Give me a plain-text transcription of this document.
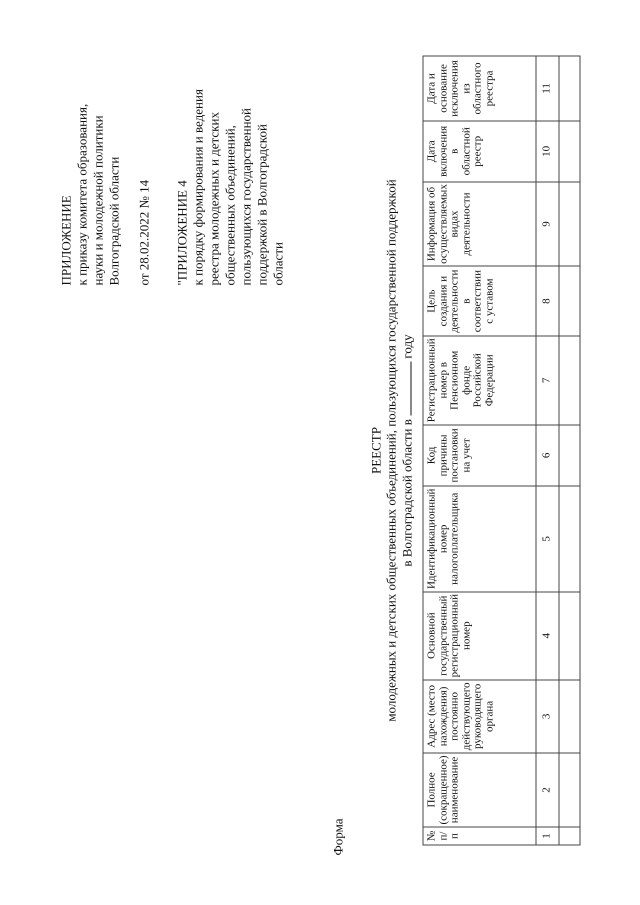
ПРИЛОЖЕНИЕ к приказу комитета образования, науки и молодежной политики Волгоградской области от 28.02.2022 № 14 "ПРИЛОЖЕНИЕ 4 к порядку формирования и ведения реестра молодежных и детских общественных объединений, пользующихся государственной поддержкой в Волгоградской области

Форма
РЕЕСТР молодежных и детских общественных объединений, пользующихся государственной поддержкой в Волгоградской области в  году
№ п/п	Полное (сокращенное) наименование	Адрес (место нахождения) постоянно действующего руководящего органа	Основной государственный регистрационный номер	Идентификационный номер налогоплательщика	Код причины постановки на учет	Регистрационный номер в Пенсионном фонде Российской Федерации	Цель создания и деятельности в соответствии с уставом	Информация об осуществляемых видах деятельности	Дата включения в областной реестр	Дата и основание исключения из областного реестра
1	2	3	4	5	6	7	8	9	10	11
